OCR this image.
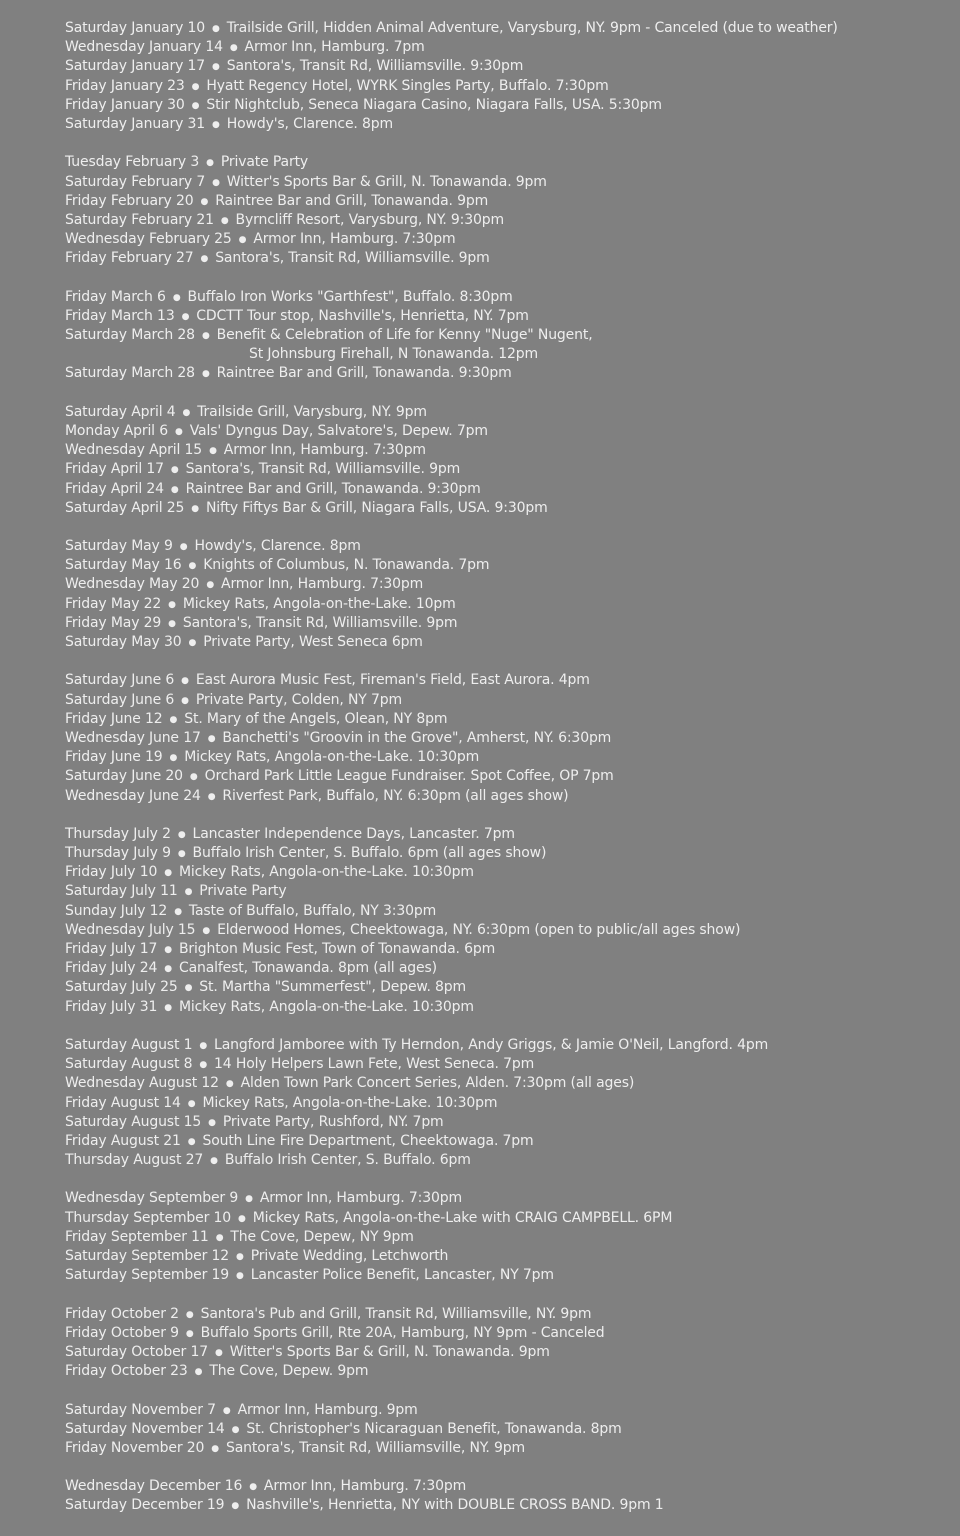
Saturday January 10 ● Trailside Grill, Hidden Animal Adventure, Varysburg, NY. 9pm - Canceled (due to weather)
Wednesday January 14 ● Armor Inn, Hamburg. 7pm
Saturday January 17 ● Santora's, Transit Rd, Williamsville. 9:30pm
Friday January 23 ● Hyatt Regency Hotel, WYRK Singles Party, Buffalo. 7:30pm
Friday January 30 ● Stir Nightclub, Seneca Niagara Casino, Niagara Falls, USA. 5:30pm
Saturday January 31 ● Howdy's, Clarence. 8pm
Tuesday February 3 ● Private Party
Saturday February 7 ● Witter's Sports Bar & Grill, N. Tonawanda. 9pm
Friday February 20 ● Raintree Bar and Grill, Tonawanda. 9pm
Saturday February 21 ● Byrncliff Resort, Varysburg, NY. 9:30pm
Wednesday February 25 ● Armor Inn, Hamburg. 7:30pm
Friday February 27 ● Santora's, Transit Rd, Williamsville. 9pm
Friday March 6 ● Buffalo Iron Works "Garthfest", Buffalo. 8:30pm
Friday March 13 ● CDCTT Tour stop, Nashville's, Henrietta, NY. 7pm
Saturday March 28 ● Benefit & Celebration of Life for Kenny "Nuge" Nugent,
St Johnsburg Firehall, N Tonawanda. 12pm
Saturday March 28 ● Raintree Bar and Grill, Tonawanda. 9:30pm
Saturday April 4 ● Trailside Grill, Varysburg, NY. 9pm
Monday April 6 ● Vals' Dyngus Day, Salvatore's, Depew. 7pm
Wednesday April 15 ● Armor Inn, Hamburg. 7:30pm
Friday April 17 ● Santora's, Transit Rd, Williamsville. 9pm
Friday April 24 ● Raintree Bar and Grill, Tonawanda. 9:30pm
Saturday April 25 ● Nifty Fiftys Bar & Grill, Niagara Falls, USA. 9:30pm
Saturday May 9 ● Howdy's, Clarence. 8pm
Saturday May 16 ● Knights of Columbus, N. Tonawanda. 7pm
Wednesday May 20 ● Armor Inn, Hamburg. 7:30pm
Friday May 22 ● Mickey Rats, Angola-on-the-Lake. 10pm
Friday May 29 ● Santora's, Transit Rd, Williamsville. 9pm
Saturday May 30 ● Private Party, West Seneca 6pm
Saturday June 6 ● East Aurora Music Fest, Fireman's Field, East Aurora. 4pm
Saturday June 6 ● Private Party, Colden, NY 7pm
Friday June 12 ● St. Mary of the Angels, Olean, NY 8pm
Wednesday June 17 ● Banchetti's "Groovin in the Grove", Amherst, NY. 6:30pm
Friday June 19 ● Mickey Rats, Angola-on-the-Lake. 10:30pm
Saturday June 20 ● Orchard Park Little League Fundraiser. Spot Coffee, OP 7pm
Wednesday June 24 ● Riverfest Park, Buffalo, NY. 6:30pm (all ages show)
Thursday July 2 ● Lancaster Independence Days, Lancaster. 7pm
Thursday July 9 ● Buffalo Irish Center, S. Buffalo. 6pm (all ages show)
Friday July 10 ● Mickey Rats, Angola-on-the-Lake. 10:30pm
Saturday July 11 ● Private Party
Sunday July 12 ● Taste of Buffalo, Buffalo, NY 3:30pm
Wednesday July 15 ● Elderwood Homes, Cheektowaga, NY. 6:30pm (open to public/all ages show)
Friday July 17 ● Brighton Music Fest, Town of Tonawanda. 6pm
Friday July 24 ● Canalfest, Tonawanda. 8pm (all ages)
Saturday July 25 ● St. Martha "Summerfest", Depew. 8pm
Friday July 31 ● Mickey Rats, Angola-on-the-Lake. 10:30pm
Saturday August 1 ● Langford Jamboree with Ty Herndon, Andy Griggs, & Jamie O'Neil, Langford. 4pm
Saturday August 8 ● 14 Holy Helpers Lawn Fete, West Seneca. 7pm
Wednesday August 12 ● Alden Town Park Concert Series, Alden. 7:30pm (all ages)
Friday August 14 ● Mickey Rats, Angola-on-the-Lake. 10:30pm
Saturday August 15 ● Private Party, Rushford, NY. 7pm
Friday August 21 ● South Line Fire Department, Cheektowaga. 7pm
Thursday August 27 ● Buffalo Irish Center, S. Buffalo. 6pm
Wednesday September 9 ● Armor Inn, Hamburg. 7:30pm
Thursday September 10 ● Mickey Rats, Angola-on-the-Lake with CRAIG CAMPBELL. 6PM
Friday September 11 ● The Cove, Depew, NY 9pm
Saturday September 12 ● Private Wedding, Letchworth
Saturday September 19 ● Lancaster Police Benefit, Lancaster, NY 7pm
Friday October 2 ● Santora's Pub and Grill, Transit Rd, Williamsville, NY. 9pm
Friday October 9 ● Buffalo Sports Grill, Rte 20A, Hamburg, NY 9pm - Canceled
Saturday October 17 ● Witter's Sports Bar & Grill, N. Tonawanda. 9pm
Friday October 23 ● The Cove, Depew. 9pm
Saturday November 7 ● Armor Inn, Hamburg. 9pm
Saturday November 14 ● St. Christopher's Nicaraguan Benefit, Tonawanda. 8pm
Friday November 20 ● Santora's, Transit Rd, Williamsville, NY. 9pm
Wednesday December 16 ● Armor Inn, Hamburg. 7:30pm
Saturday December 19 ● Nashville's, Henrietta, NY with DOUBLE CROSS BAND. 9pm 1
